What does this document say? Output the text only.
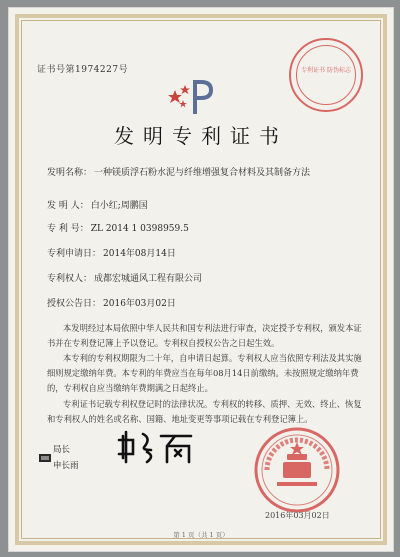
证书号第1974227号	专利证书 防伪标志
发明专利证书
发明名称： 一种镁质浮石粉水泥与纤维增强复合材料及其制备方法
发 明 人： 白小红;周鹏国
专 利 号： ZL 2014 1 0398959.5
专利申请日： 2014年08月14日
专利权人： 成都宏城通风工程有限公司
授权公告日： 2016年03月02日
本发明经过本局依照中华人民共和国专利法进行审查，决定授予专利权，颁发本证书并在专利登记簿上予以登记。专利权自授权公告之日起生效。
本专利的专利权期限为二十年，自申请日起算。专利权人应当依照专利法及其实施细则规定缴纳年费。本专利的年费应当在每年08月14日前缴纳。未按照规定缴纳年费的，专利权自应当缴纳年费期满之日起终止。
专利证书记载专利权登记时的法律状况。专利权的转移、质押、无效、终止、恢复和专利权人的姓名或名称、国籍、地址变更等事项记载在专利登记簿上。
局长
申长雨
2016年03月02日
第 1 页（共 1 页）
